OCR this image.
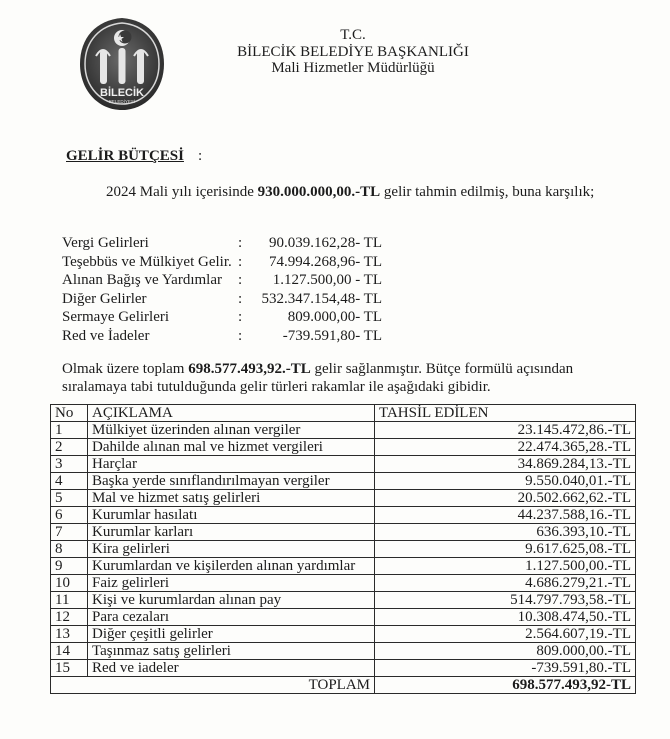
BİLECİK
BELEDİYESİ
T.C.
BİLECİK BELEDİYE BAŞKANLIĞI
Mali Hizmetler Müdürlüğü
GELİR BÜTÇESİ :
2024 Mali yılı içerisinde 930.000.000,00.-TL gelir tahmin edilmiş, buna karşılık;
Vergi Gelirleri	:	90.039.162,28- TL
Teşebbüs ve Mülkiyet Gelir. :	74.994.268,96- TL
Alınan Bağış ve Yardımlar	:	1.127.500,00 - TL
Diğer Gelirler	:	532.347.154,48- TL
Sermaye Gelirleri	:	809.000,00- TL
Red ve İadeler	:	-739.591,80- TL
Olmak üzere toplam 698.577.493,92.-TL gelir sağlanmıştır. Bütçe formülü açısından sıralamaya tabi tutulduğunda gelir türleri rakamlar ile aşağıdaki gibidir.
No	AÇIKLAMA	TAHSİL EDİLEN
1	Mülkiyet üzerinden alınan vergiler	23.145.472,86.-TL
2	Dahilde alınan mal ve hizmet vergileri	22.474.365,28.-TL
3	Harçlar	34.869.284,13.-TL
4	Başka yerde sınıflandırılmayan vergiler	9.550.040,01.-TL
5	Mal ve hizmet satış gelirleri	20.502.662,62.-TL
6	Kurumlar hasılatı	44.237.588,16.-TL
7	Kurumlar karları	636.393,10.-TL
8	Kira gelirleri	9.617.625,08.-TL
9	Kurumlardan ve kişilerden alınan yardımlar	1.127.500,00.-TL
10	Faiz gelirleri	4.686.279,21.-TL
11	Kişi ve kurumlardan alınan pay	514.797.793,58.-TL
12	Para cezaları	10.308.474,50.-TL
13	Diğer çeşitli gelirler	2.564.607,19.-TL
14	Taşınmaz satış gelirleri	809.000,00.-TL
15	Red ve iadeler	-739.591,80.-TL
	TOPLAM	698.577.493,92-TL
